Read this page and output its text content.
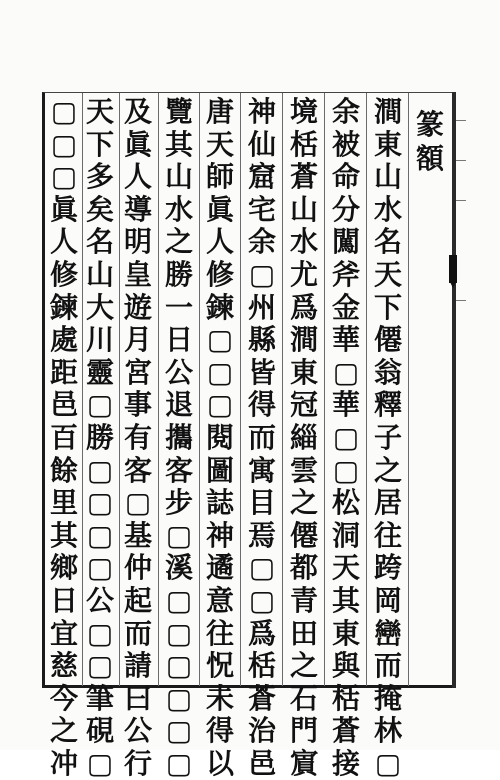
篆
額
澗
東
山
水
名
天
下
僊
翁
釋
子
之
居
往
跨
岡
巒
而
掩
林
▢
余
被
命
分
闖
斧
金
華
▢
華
▢
▢
松
洞
天
其
東
與
栝
蒼
接
境
栝
蒼
山
水
尤
爲
澗
東
冠
緇
雲
之
僊
都
青
田
之
石
門
賔
神
仙
窟
宅
余
▢
州
縣
皆
得
而
寓
目
焉
▢
▢
爲
栝
蒼
治
邑
唐
天
師
眞
人
修
鍊
▢
▢
▢
閱
圖
誌
神
遹
意
往
怳
未
得
以
覽
其
山
水
之
勝
一
日
公
退
攜
客
步
▢
溪
▢
▢
▢
▢
▢
▢
及
眞
人
導
明
皇
遊
月
宮
事
有
客
▢
基
仲
起
而
請
曰
公
行
天
下
多
矣
名
山
大
川
靈
▢
勝
▢
▢
▢
▢
公
▢
▢
筆
硯
▢
▢
▢
▢
眞
人
修
鍊
處
距
邑
百
餘
里
其
鄉
日
宜
慈
今
之
冲
